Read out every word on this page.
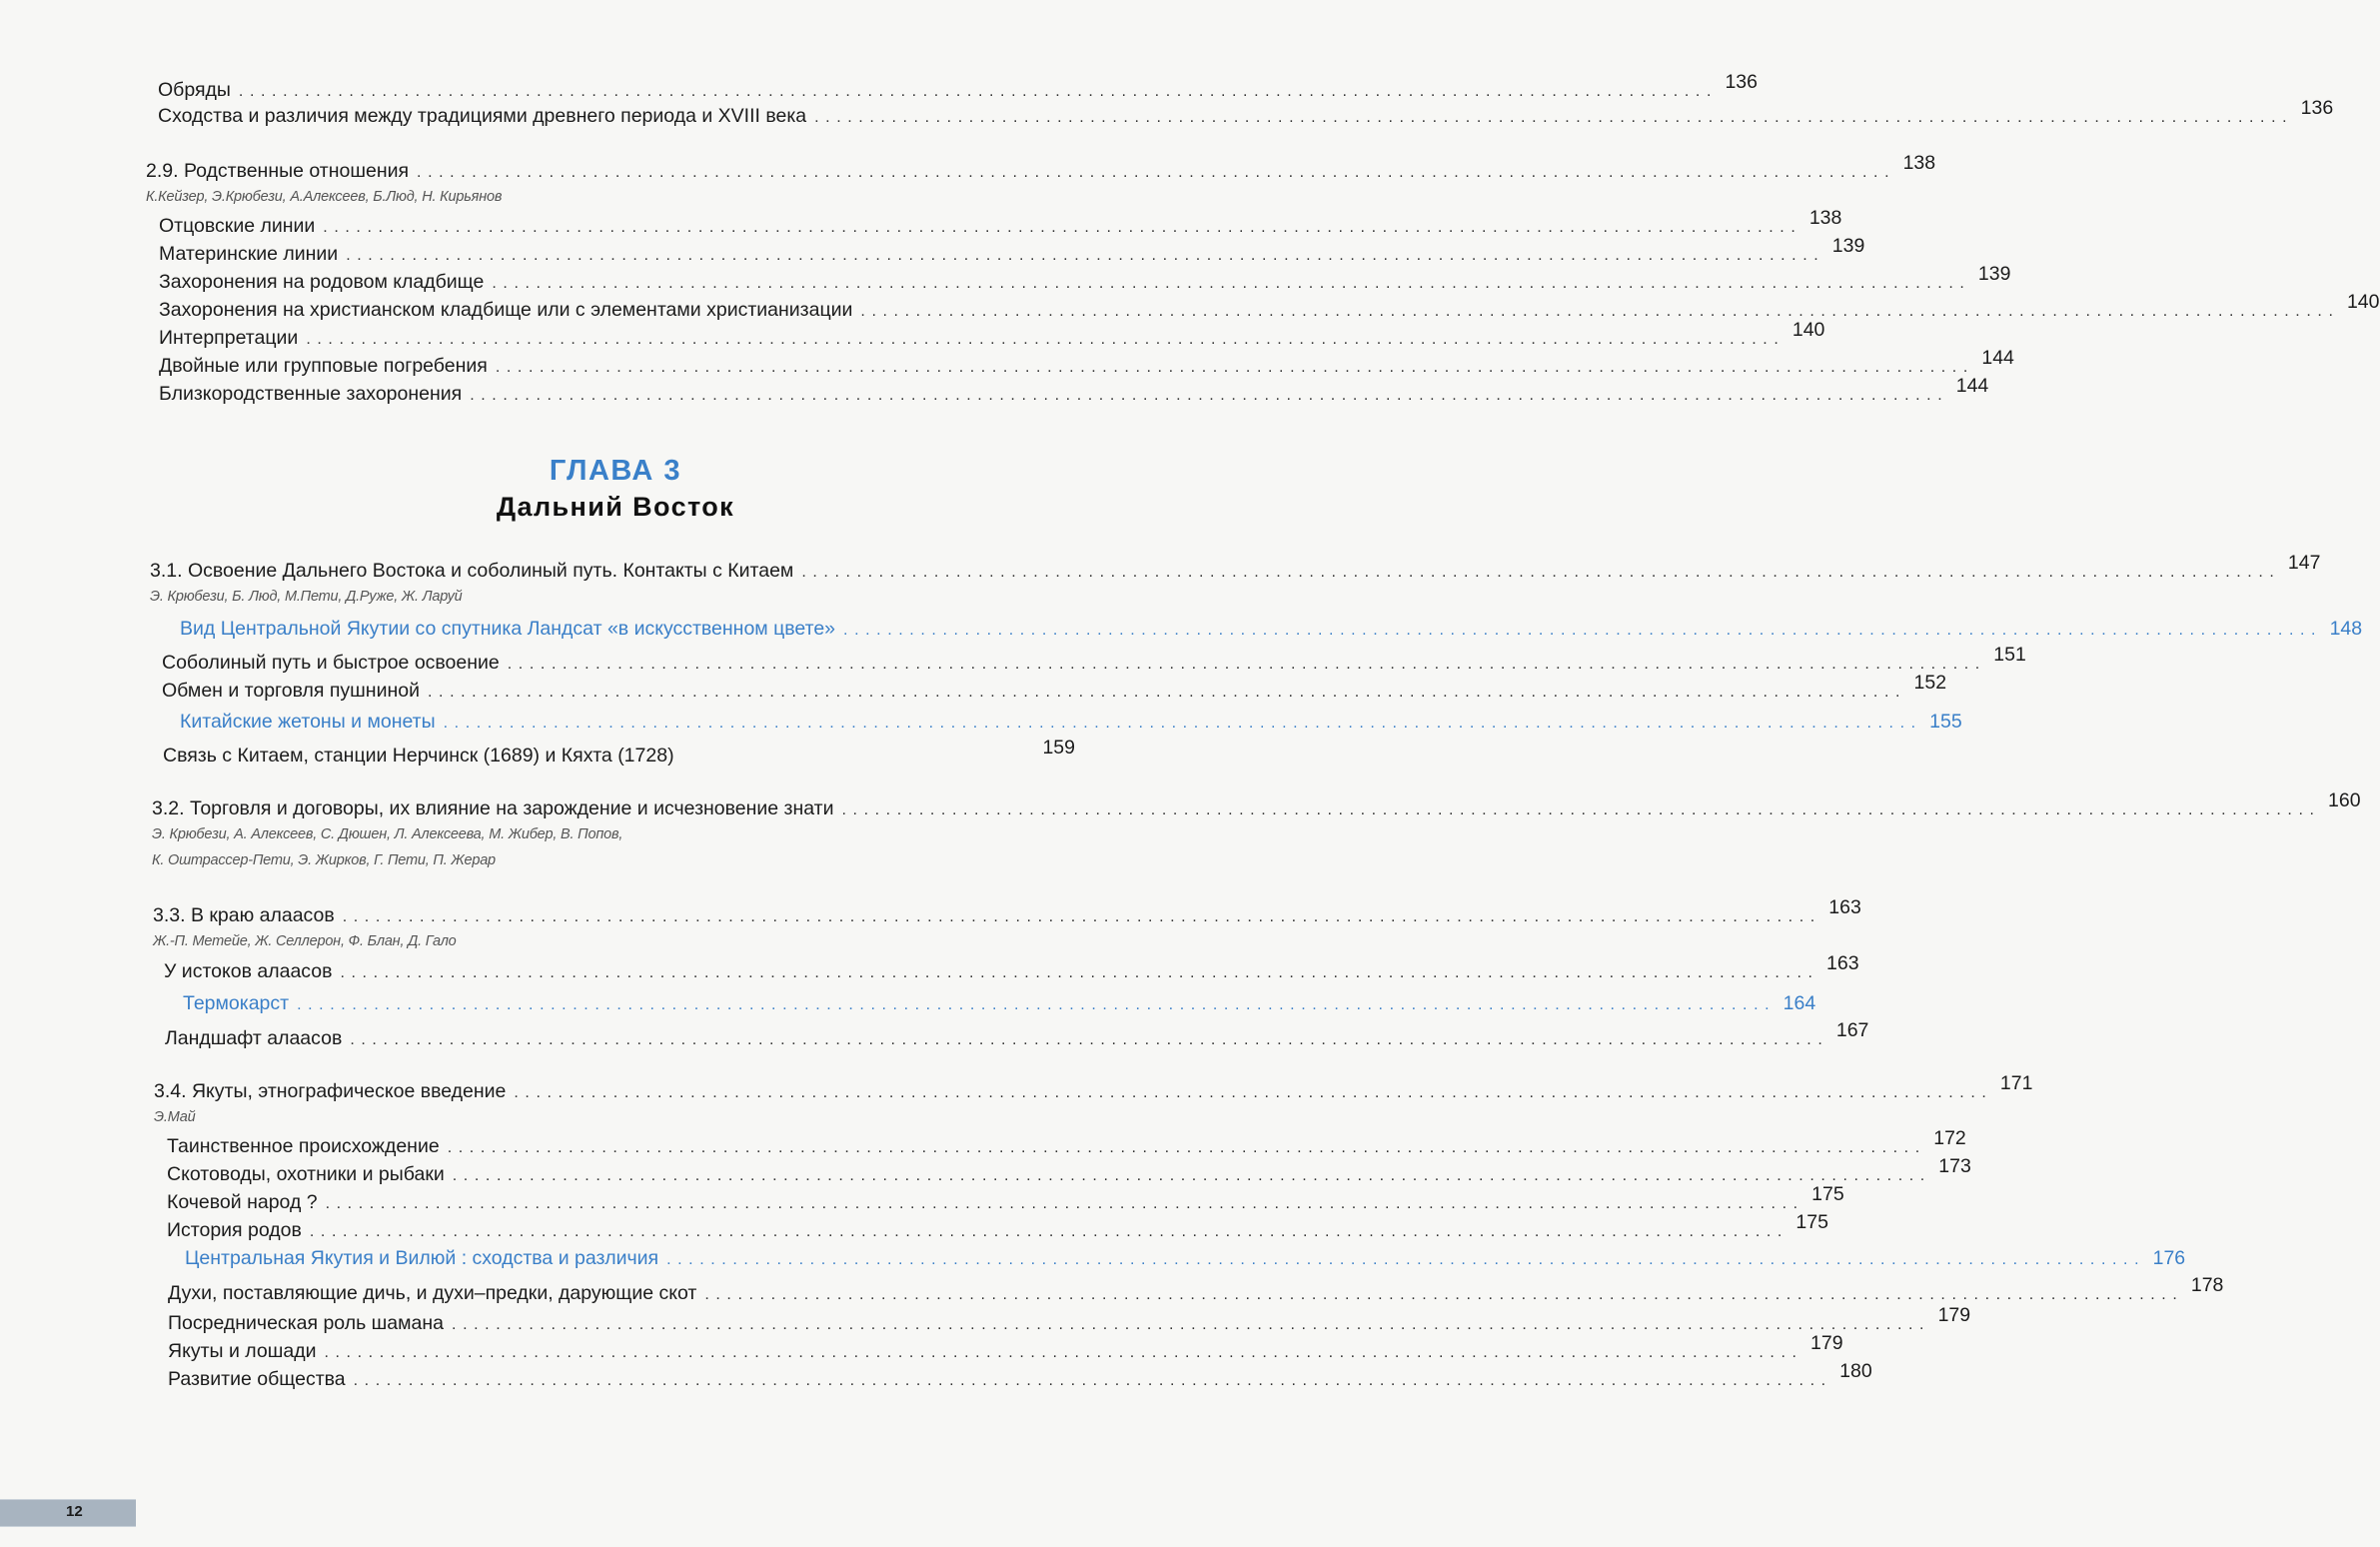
Обряды ...................................................................................................................................... 136
Сходства и различия между традициями древнего периода и XVIII века ...................................................................................................................................... 136
2.9. Родственные отношения ...................................................................................................................................... 138
К.Кейзер, Э.Крюбези, А.Алексеев, Б.Люд, Н. Кирьянов
Отцовские линии ...................................................................................................................................... 138
Материнские линии ...................................................................................................................................... 139
Захоронения на родовом кладбище ...................................................................................................................................... 139
Захоронения на христианском кладбище или с элементами христианизации ...................................................................................................................................... 140
Интерпретации ...................................................................................................................................... 140
Двойные или групповые погребения ...................................................................................................................................... 144
Близкородственные захоронения ...................................................................................................................................... 144
ГЛАВА 3
Дальний Восток
3.1. Освоение Дальнего Востока и соболиный путь. Контакты с Китаем ...................................................................................................................................... 147
Э. Крюбези, Б. Люд, М.Пети, Д.Руже, Ж. Ларуй
Вид Центральной Якутии со спутника Ландсат «в искусственном цвете» ...................................................................................................................................... 148
Соболиный путь и быстрое освоение ...................................................................................................................................... 151
Обмен и торговля пушниной ...................................................................................................................................... 152
Китайские жетоны и монеты ...................................................................................................................................... 155
Связь с Китаем, станции Нерчинск (1689) и Кяхта (1728)	159
3.2. Торговля и договоры, их влияние на зарождение и исчезновение знати ...................................................................................................................................... 160
Э. Крюбези, А. Алексеев, С. Дюшен, Л. Алексеева, М. Жибер, В. Попов,
К. Оштрассер-Пети, Э. Жирков, Г. Пети, П. Жерар
3.3. В краю алаасов ...................................................................................................................................... 163
Ж.-П. Метейе, Ж. Селлерон, Ф. Блан, Д. Гало
У истоков алаасов ...................................................................................................................................... 163
Термокарст ...................................................................................................................................... 164
Ландшафт алаасов ...................................................................................................................................... 167
3.4. Якуты, этнографическое введение ...................................................................................................................................... 171
Э.Май
Таинственное происхождение ...................................................................................................................................... 172
Скотоводы, охотники и рыбаки ...................................................................................................................................... 173
Кочевой народ ? ...................................................................................................................................... 175
История родов ...................................................................................................................................... 175
Центральная Якутия и Вилюй : сходства и различия ...................................................................................................................................... 176
Духи, поставляющие дичь, и духи–предки, дарующие скот ...................................................................................................................................... 178
Посредническая роль шамана ...................................................................................................................................... 179
Якуты и лошади ...................................................................................................................................... 179
Развитие общества ...................................................................................................................................... 180
12
